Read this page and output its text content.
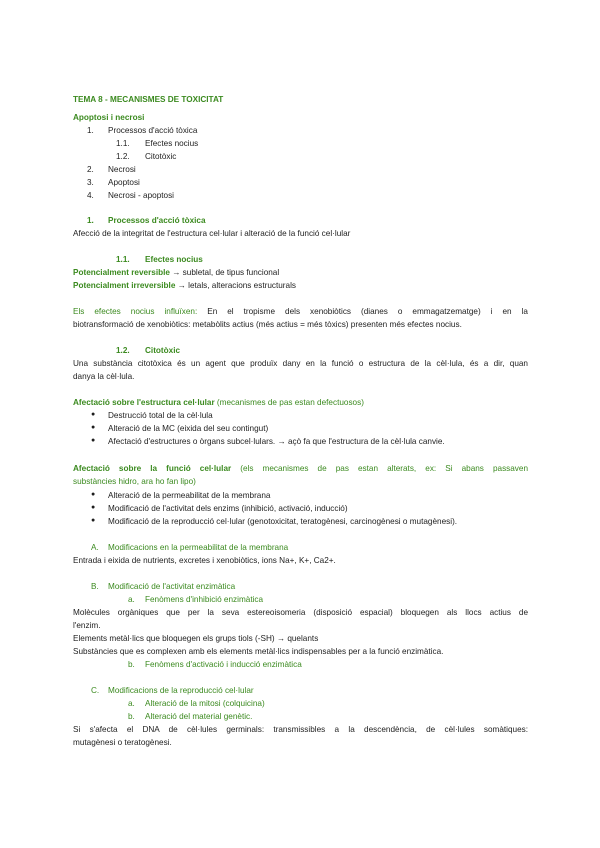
TEMA 8 - MECANISMES DE TOXICITAT
Apoptosi i necrosi
1. Processos d'acció tòxica
1.1. Efectes nocius
1.2. Citotòxic
2. Necrosi
3. Apoptosi
4. Necrosi - apoptosi
1. Processos d'acció tòxica
Afecció de la integritat de l'estructura cel·lular i alteració de la funció cel·lular
1.1. Efectes nocius
Potencialment reversible → subletal, de tipus funcional
Potencialment irreversible → letals, alteracions estructurals
Els efectes nocius influïxen: En el tropisme dels xenobiòtics (dianes o emmagatzematge) i en la
biotransformació de xenobiòtics: metabòlits actius (més actius = més tòxics) presenten més efectes nocius.
1.2. Citotòxic
Una substància citotòxica és un agent que produïx dany en la funció o estructura de la cèl·lula, és a dir, quan
danya la cèl·lula.
Afectació sobre l'estructura cel·lular (mecanismes de pas estan defectuosos)
● Destrucció total de la cèl·lula
● Alteració de la MC (eixida del seu contingut)
● Afectació d'estructures o òrgans subcel·lulars. → açò fa que l'estructura de la cèl·lula canvie.
Afectació sobre la funció cel·lular (els mecanismes de pas estan alterats, ex: Si abans passaven
substàncies hidro, ara ho fan lipo)
● Alteració de la permeabilitat de la membrana
● Modificació de l'activitat dels enzims (inhibició, activació, inducció)
● Modificació de la reproducció cel·lular (genotoxicitat, teratogènesi, carcinogènesi o mutagènesi).
A. Modificacions en la permeabilitat de la membrana
Entrada i eixida de nutrients, excretes i xenobiòtics, ions Na+, K+, Ca2+.
B. Modificació de l'activitat enzimàtica
a. Fenòmens d'inhibició enzimàtica
Molècules orgàniques que per la seva estereoisomeria (disposició espacial) bloquegen als llocs actius de
l'enzim.
Elements metàl·lics que bloquegen els grups tiols (-SH) → quelants
Substàncies que es complexen amb els elements metàl·lics indispensables per a la funció enzimàtica.
b. Fenòmens d'activació i inducció enzimàtica
C. Modificacions de la reproducció cel·lular
a. Alteració de la mitosi (colquicina)
b. Alteració del material genètic.
Si s'afecta el DNA de cèl·lules germinals: transmissibles a la descendència, de cèl·lules somàtiques:
mutagènesi o teratogènesi.
